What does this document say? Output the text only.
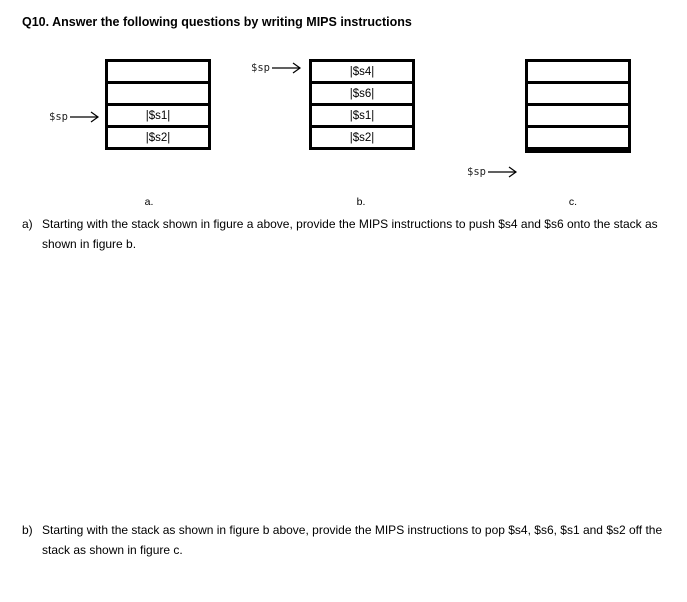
Q10. Answer the following questions by writing MIPS instructions
|$s1|
|$s2|
$sp
a.
|$s4|
|$s6|
|$s1|
|$s2|
$sp
b.
$sp
c.
a) Starting with the stack shown in figure a above, provide the MIPS instructions to push $s4 and $s6 onto the stack as shown in figure b.
b) Starting with the stack as shown in figure b above, provide the MIPS instructions to pop $s4, $s6, $s1 and $s2 off the stack as shown in figure c.
